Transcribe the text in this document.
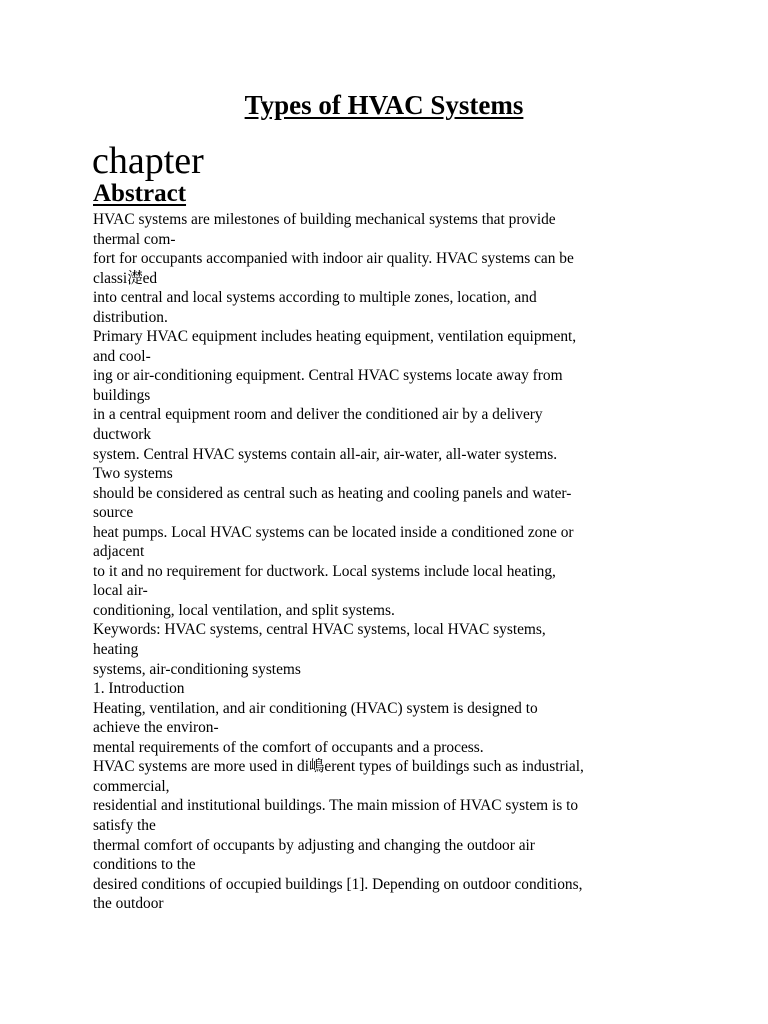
Types of HVAC Systems
chapter
Abstract
HVAC systems are milestones of building mechanical systems that provide
thermal com-
fort for occupants accompanied with indoor air quality. HVAC systems can be
classi濋ed
into central and local systems according to multiple zones, location, and
distribution.
Primary HVAC equipment includes heating equipment, ventilation equipment,
and cool-
ing or air-conditioning equipment. Central HVAC systems locate away from
buildings
in a central equipment room and deliver the conditioned air by a delivery
ductwork
system. Central HVAC systems contain all-air, air-water, all-water systems.
Two systems
should be considered as central such as heating and cooling panels and water-
source
heat pumps. Local HVAC systems can be located inside a conditioned zone or
adjacent
to it and no requirement for ductwork. Local systems include local heating,
local air-
conditioning, local ventilation, and split systems.
Keywords: HVAC systems, central HVAC systems, local HVAC systems,
heating
systems, air-conditioning systems
1. Introduction
Heating, ventilation, and air conditioning (HVAC) system is designed to
achieve the environ-
mental requirements of the comfort of occupants and a process.
HVAC systems are more used in di嶋erent types of buildings such as industrial,
commercial,
residential and institutional buildings. The main mission of HVAC system is to
satisfy the
thermal comfort of occupants by adjusting and changing the outdoor air
conditions to the
desired conditions of occupied buildings [1]. Depending on outdoor conditions,
the outdoor
